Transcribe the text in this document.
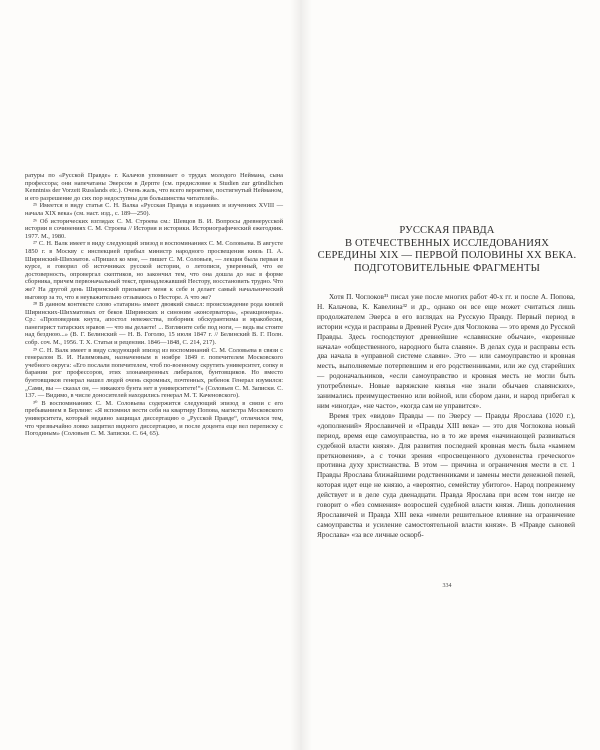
ратуры по «Русской Правде» г. Калачов упоминает о трудах молодого Неймана, сына профессора; они напечатаны Эверсом в Дерпте (см. предисловие к Studien zur gründlichen Kenntniss der Vorzeit Russlands etc.). Очень жаль, что всего вероятнее, постигнутый Нейманом, и его разрешение до сих пор недоступны для большинства читателей».

²⁵ Имеется в виду статья С. Н. Валка «Русская Правда в изданиях и изучениях XVIII — начала XIX века» (см. наст. изд., с. 189—250).

²⁶ Об исторических взглядах С. М. Строева см.: Шевцов В. И. Вопросы древнерусской истории в сочинениях С. М. Строева // История и историки. Историографический ежегодник. 1977. М., 1980.

²⁷ С. Н. Валк имеет в виду следующий эпизод в воспоминаниях С. М. Соловьева. В августе 1850 г. в Москву с инспекцией прибыл министр народного просвещения князь П. А. Ширинский-Шихматов. «Пришел ко мне, — пишет С. М. Соловьев, — лекция была первая в курсе, я говорил об источниках русской истории, о летописи, уверенный, что ее достоверность, опровергал скептиков, но закончил тем, что она дошла до нас в форме сборника, причем первоначальный текст, принадлежавший Нестору, восстановить трудно. Что же? На другой день Ширинский призывает меня к себе и делает самый начальнический выговор за то, что я неуважительно отзываюсь о Несторе. А что же?

²⁸ В данном контексте слово «татарин» имеет двоякий смысл: происхождение рода князей Ширинских-Шихматовых от беков Ширинских и синоним «консерватора», «реакционера». Ср.: «Проповедник кнута, апостол невежества, поборник обскурантизма и мракобесия, панегирист татарских нравов — что вы делаете! ... Взгляните себе под ноги, — ведь вы стоите над бездною...» (В. Г. Белинский — Н. В. Гоголю, 15 июля 1847 г. // Белинский В. Г. Полн. собр. соч. М., 1956. Т. X. Статьи и рецензии. 1846—1848, С. 214, 217).

²⁹ С. Н. Валк имеет в виду следующий эпизод из воспоминаний С. М. Соловьева в связи с генералом В. И. Назимовым, назначенным в ноябре 1849 г. попечителем Московского учебного округа: «Его послали попечителем, чтоб по-военному скрутить университет, сопку в барании рог профессоров, этих злонамеренных либералов, бунтовщиков. Но вместо бунтовщиков генерал нашел людей очень скромных, почтенных, ребенок Генерал изумился: „Сами, вы — сказал он, — никакого бунта нет в университете!“» (Соловьев С. М. Записки. С. 137. — Видимо, в числе доносителей находились генерал М. Т. Каченовского).

³⁰ В воспоминаниях С. М. Соловьева содержится следующий эпизод в связи с его пребыванием в Берлине: «Я вспомнил вести себя на квартиру Попова, магистра Московского университета, который недавно защищал диссертацию о „Русской Правде“, отличился тем, что чрезвычайно ловко защитил видного диссертацию, и после доцента еще вел переписку с Погодиным» (Соловьев С. М. Записки. С. 64, 65).

РУССКАЯ ПРАВДА
В ОТЕЧЕСТВЕННЫХ ИССЛЕДОВАНИЯХ
СЕРЕДИНЫ XIX — ПЕРВОЙ ПОЛОВИНЫ XX ВЕКА.
ПОДГОТОВИТЕЛЬНЫЕ ФРАГМЕНТЫ

Хотя П. Чоглоков³¹ писал уже после многих работ 40-х гг. и после А. Попова, Н. Калачова, К. Кавелина³² и др., однако он все еще может считаться лишь продолжателем Эверса в его взглядах на Русскую Правду. Первый период в истории «суда и расправы в Древней Руси» для Чоглокова — это время до Русской Правды. Здесь господствуют древнейшие «славянские обычаи», «коренные начала» «общественного, народного быта славян». В делах суда и расправы есть два начала в «управной системе славян». Это — или самоуправство и кровная месть, выполняемые потерпевшим и его родственниками, или же суд старейших — родоначальников, «если самоуправство и кровная месть не могли быть употреблены». Новые варяжские князья «не знали обычаев славянских», занимались преимущественно или войной, или сбором дани, и народ прибегал к ним «иногда», «не часто», «когда сам не управится».

Время трех «видов» Правды — по Эверсу — Правды Ярослава (1020 г.), «дополнений» Ярославичей и «Правды XIII века» — это для Чоглокова новый период, время еще самоуправства, но в то же время «начинающей развиваться судебной власти князя». Для развития последней кровная месть была «камнем преткновения», а с точки зрения «просвещенного духовенства греческого» противна духу христианства. В этом — причина и ограничения мести в ст. 1 Правды Ярослава ближайшими родственниками и замены мести денежной пеней, которая идет еще не князю, а «вероятно, семейству убитого». Народ попрежнему действует и в деле суда двенадцати. Правда Ярослава при всем том нигде не говорит о «без сомнения» возросшей судебной власти князя. Лишь дополнения Ярославичей и Правда XIII века «имели решительное влияние на ограничение самоуправства и усиление самостоятельной власти князя». В «Правде сыновей Ярослава» «за все личные оскорб-

334
